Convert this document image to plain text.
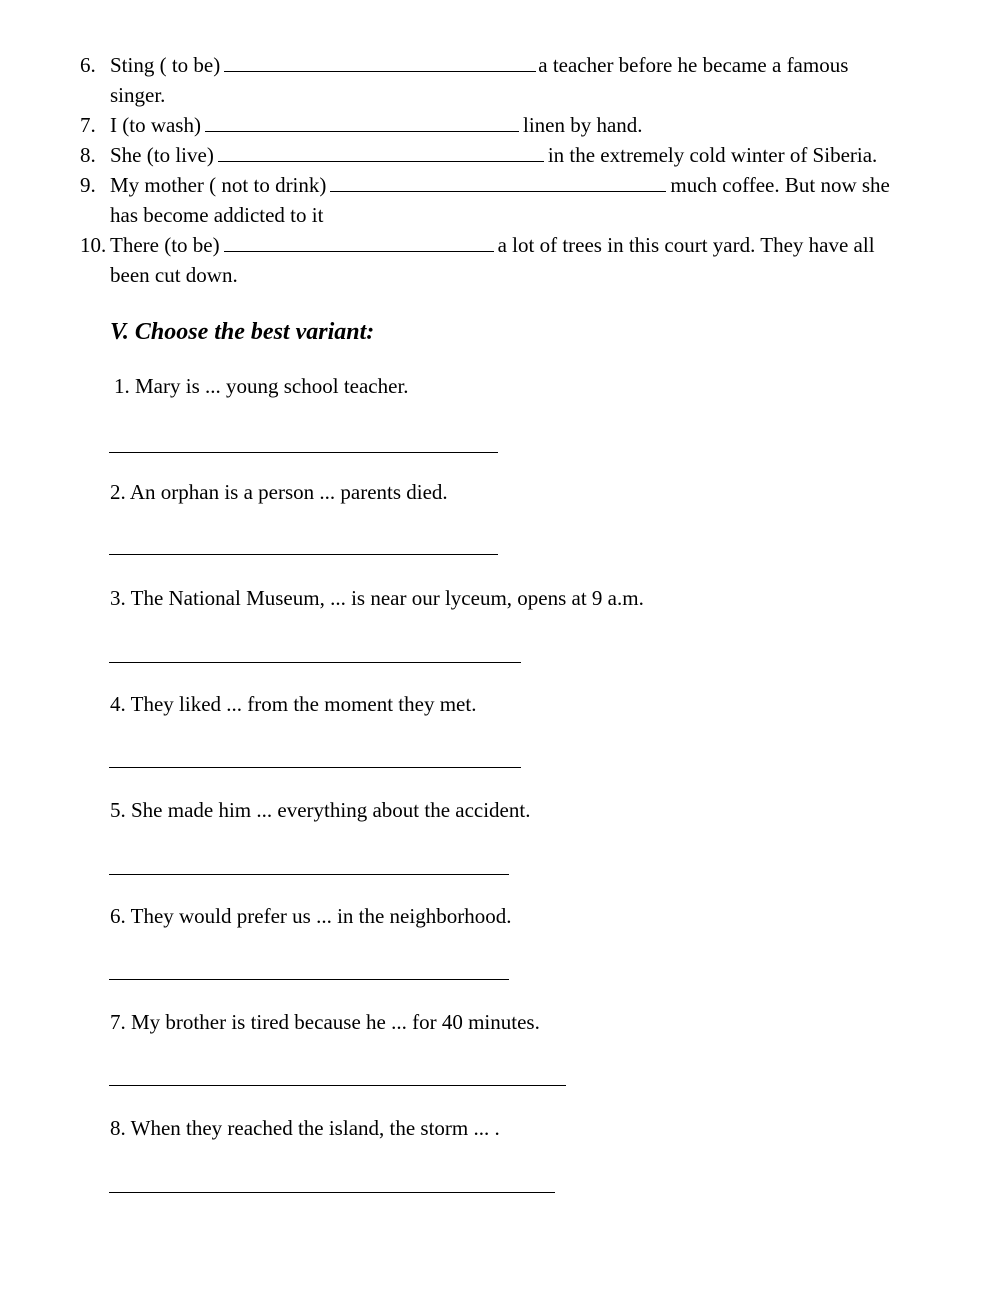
6. Sting ( to be)	a teacher before he became a famous
singer.
7. I (to wash)	linen by hand.
8. She (to live)	in the extremely cold winter of Siberia.
9. My mother ( not to drink)	much coffee. But now she
has become addicted to it
10. There (to be)	a lot of trees in this court yard. They have all
been cut down.
V. Choose the best variant:
1. Mary is ... young school teacher.
2. An orphan is a person ... parents died.
3. The National Museum, ... is near our lyceum, opens at 9 a.m.
4. They liked ... from the moment they met.
5. She made him ... everything about the accident.
6. They would prefer us ... in the neighborhood.
7. My brother is tired because he ... for 40 minutes.
8. When they reached the island, the storm ... .
